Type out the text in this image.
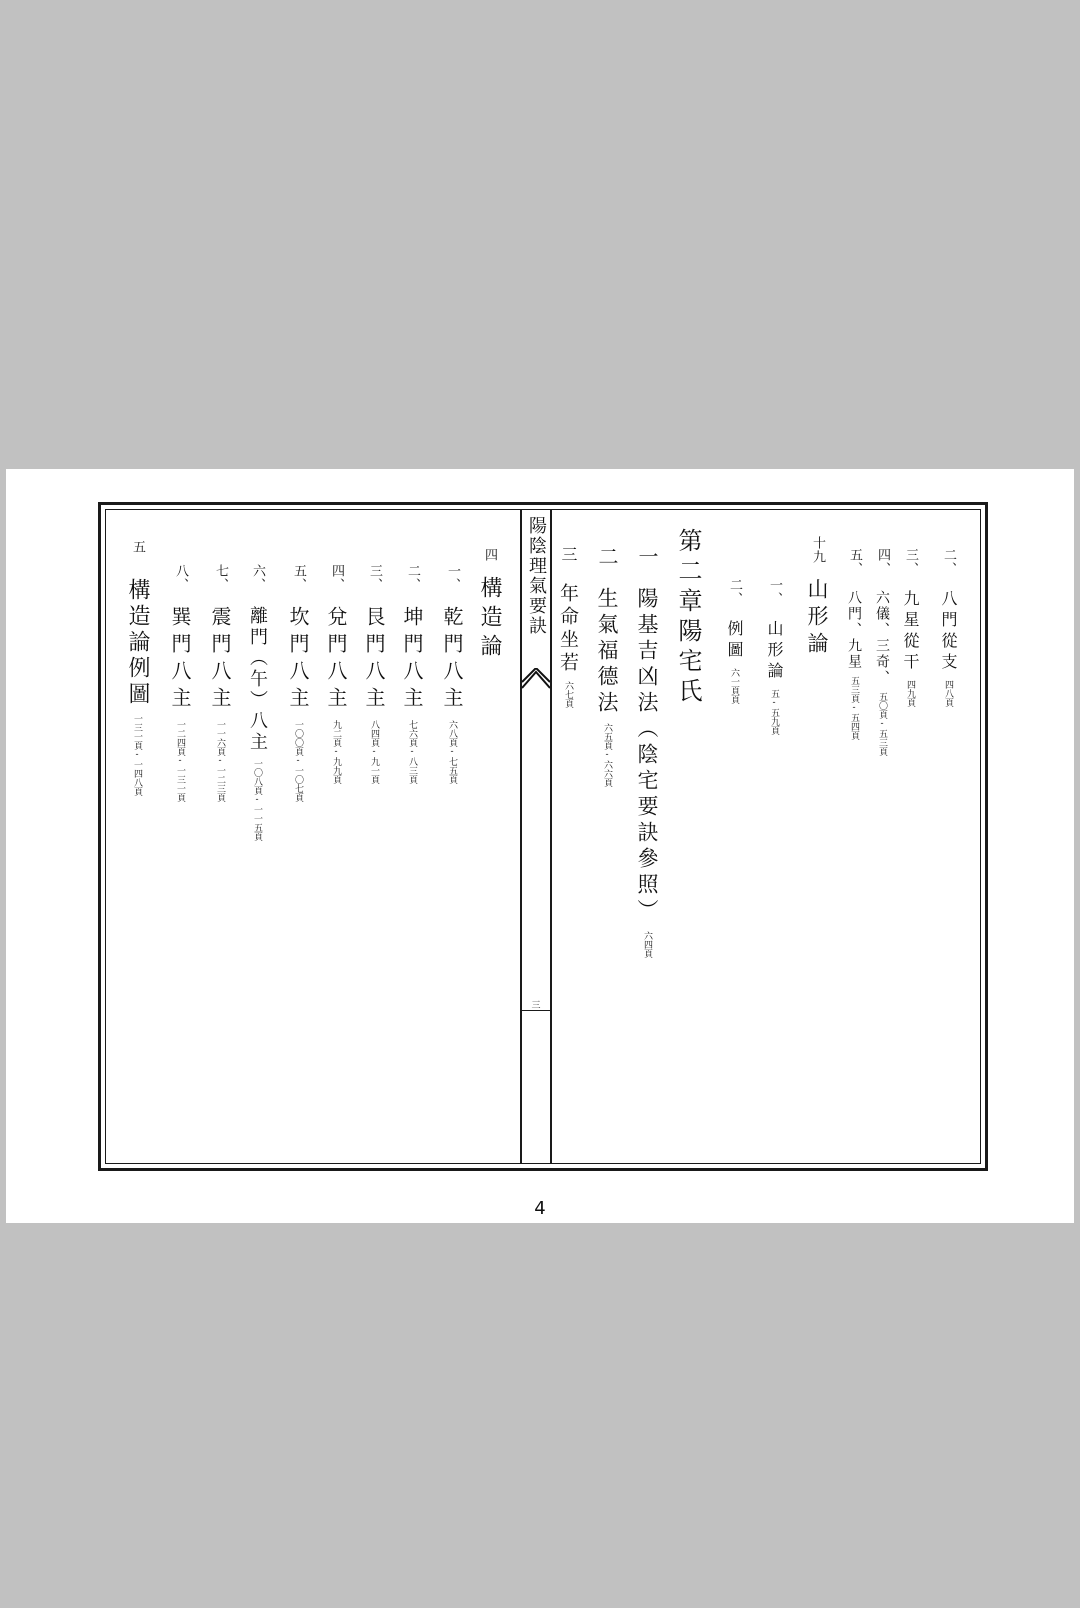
二、八門從支四八頁
三、九星從干四九頁
四、六儀、三奇、五〇頁-五三頁
五、八門、九星五三頁-五四頁
十九山形論
一、山形論五-五九頁
二、例圖六一頁頁
第二章陽宅氏
一陽基吉凶法（陰宅要訣參照）六四頁
二生氣福德法六五頁-六六頁
三年命坐若六七頁
陽陰理氣要訣
三
四構造論
一、乾門八主六八頁-七五頁
二、坤門八主七六頁-八三頁
三、艮門八主八四頁-九一頁
四、兌門八主九二頁-九九頁
五、坎門八主一〇〇頁-一〇七頁
六、離門（午）八主一〇八頁-一一五頁
七、震門八主一一六頁-一二三頁
八、巽門八主一二四頁-一三一頁
五構造論例圖一三一頁-一四八頁
4
